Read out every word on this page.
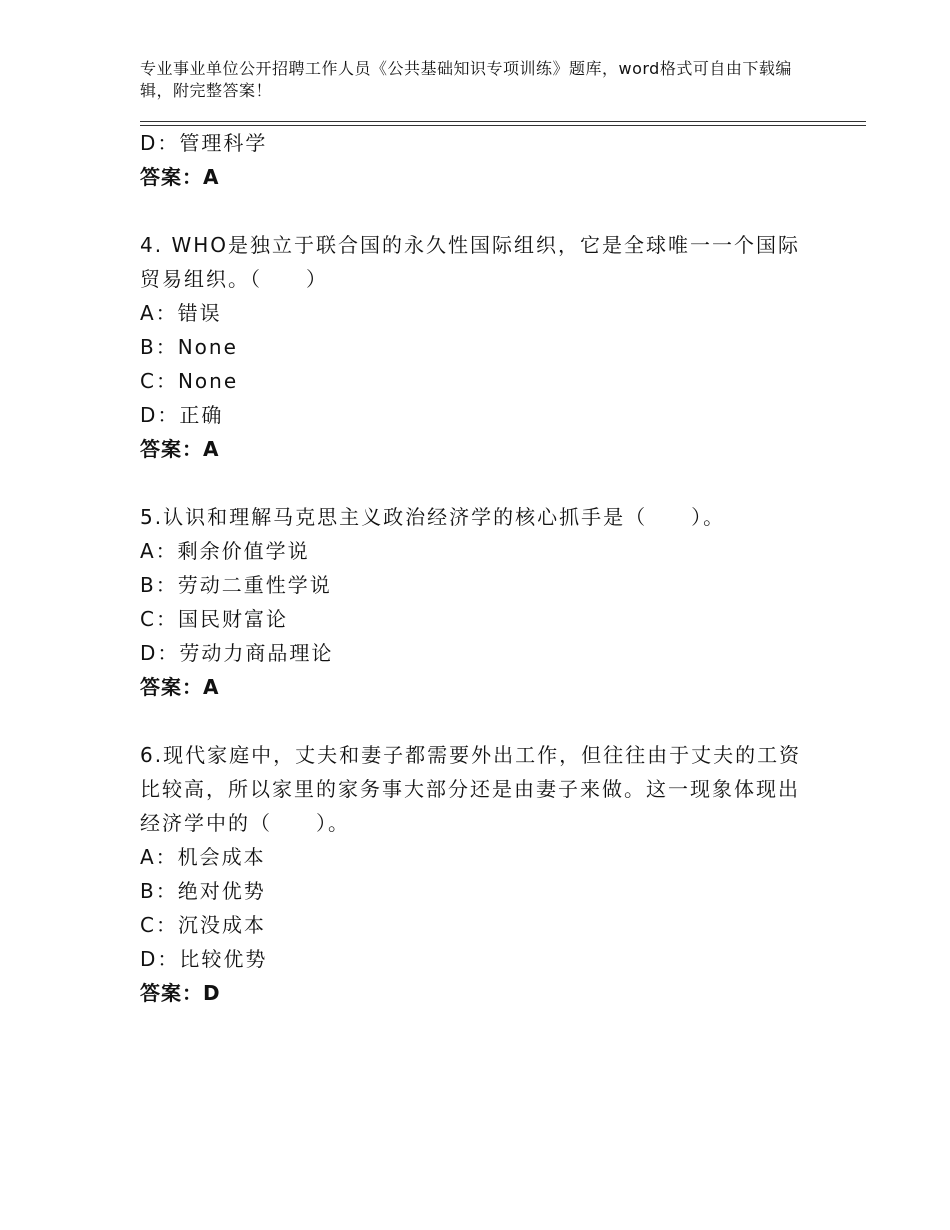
专业事业单位公开招聘工作人员《公共基础知识专项训练》题库，word格式可自由下载编辑，附完整答案！

D：管理科学

答案：A

4. WHO是独立于联合国的永久性国际组织，它是全球唯一一个国际贸易组织。（　　）

A：错误

B：None

C：None

D：正确

答案：A

5.认识和理解马克思主义政治经济学的核心抓手是（　　）。

A：剩余价值学说

B：劳动二重性学说

C：国民财富论

D：劳动力商品理论

答案：A

6.现代家庭中，丈夫和妻子都需要外出工作，但往往由于丈夫的工资比较高，所以家里的家务事大部分还是由妻子来做。这一现象体现出经济学中的（　　）。

A：机会成本

B：绝对优势

C：沉没成本

D：比较优势

答案：D
